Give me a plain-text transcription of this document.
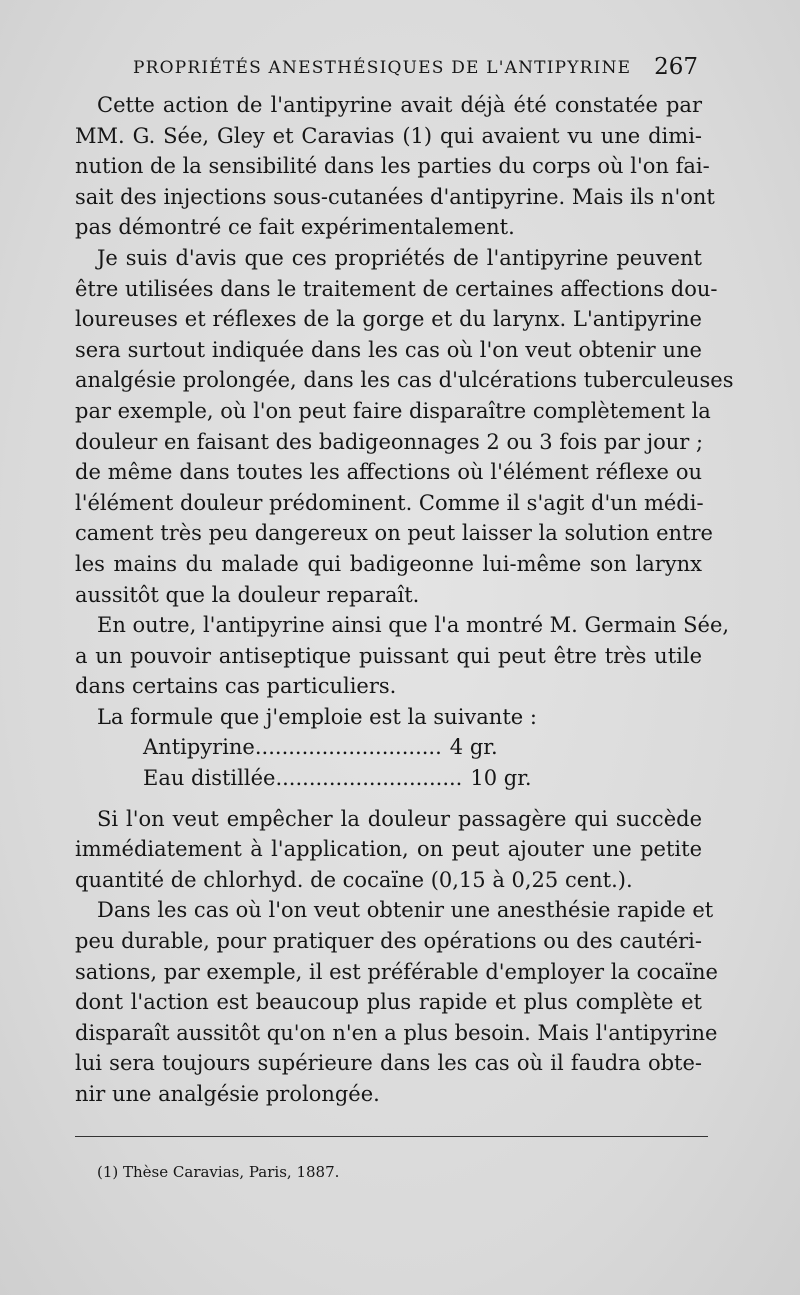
PROPRIÉTÉS ANESTHÉSIQUES DE L'ANTIPYRINE 267
Cette action de l'antipyrine avait déjà été constatée par
MM. G. Sée, Gley et Caravias (1) qui avaient vu une dimi-
nution de la sensibilité dans les parties du corps où l'on fai-
sait des injections sous-cutanées d'antipyrine. Mais ils n'ont
pas démontré ce fait expérimentalement.
Je suis d'avis que ces propriétés de l'antipyrine peuvent
être utilisées dans le traitement de certaines affections dou-
loureuses et réflexes de la gorge et du larynx. L'antipyrine
sera surtout indiquée dans les cas où l'on veut obtenir une
analgésie prolongée, dans les cas d'ulcérations tuberculeuses
par exemple, où l'on peut faire disparaître complètement la
douleur en faisant des badigeonnages 2 ou 3 fois par jour ;
de même dans toutes les affections où l'élément réflexe ou
l'élément douleur prédominent. Comme il s'agit d'un médi-
cament très peu dangereux on peut laisser la solution entre
les mains du malade qui badigeonne lui-même son larynx
aussitôt que la douleur reparaît.
En outre, l'antipyrine ainsi que l'a montré M. Germain Sée,
a un pouvoir antiseptique puissant qui peut être très utile
dans certains cas particuliers.
La formule que j'emploie est la suivante :
Antipyrine............................ 4 gr.
Eau distillée............................ 10 gr.
Si l'on veut empêcher la douleur passagère qui succède
immédiatement à l'application, on peut ajouter une petite
quantité de chlorhyd. de cocaïne (0,15 à 0,25 cent.).
Dans les cas où l'on veut obtenir une anesthésie rapide et
peu durable, pour pratiquer des opérations ou des cautéri-
sations, par exemple, il est préférable d'employer la cocaïne
dont l'action est beaucoup plus rapide et plus complète et
disparaît aussitôt qu'on n'en a plus besoin. Mais l'antipyrine
lui sera toujours supérieure dans les cas où il faudra obte-
nir une analgésie prolongée.
(1) Thèse Caravias, Paris, 1887.
